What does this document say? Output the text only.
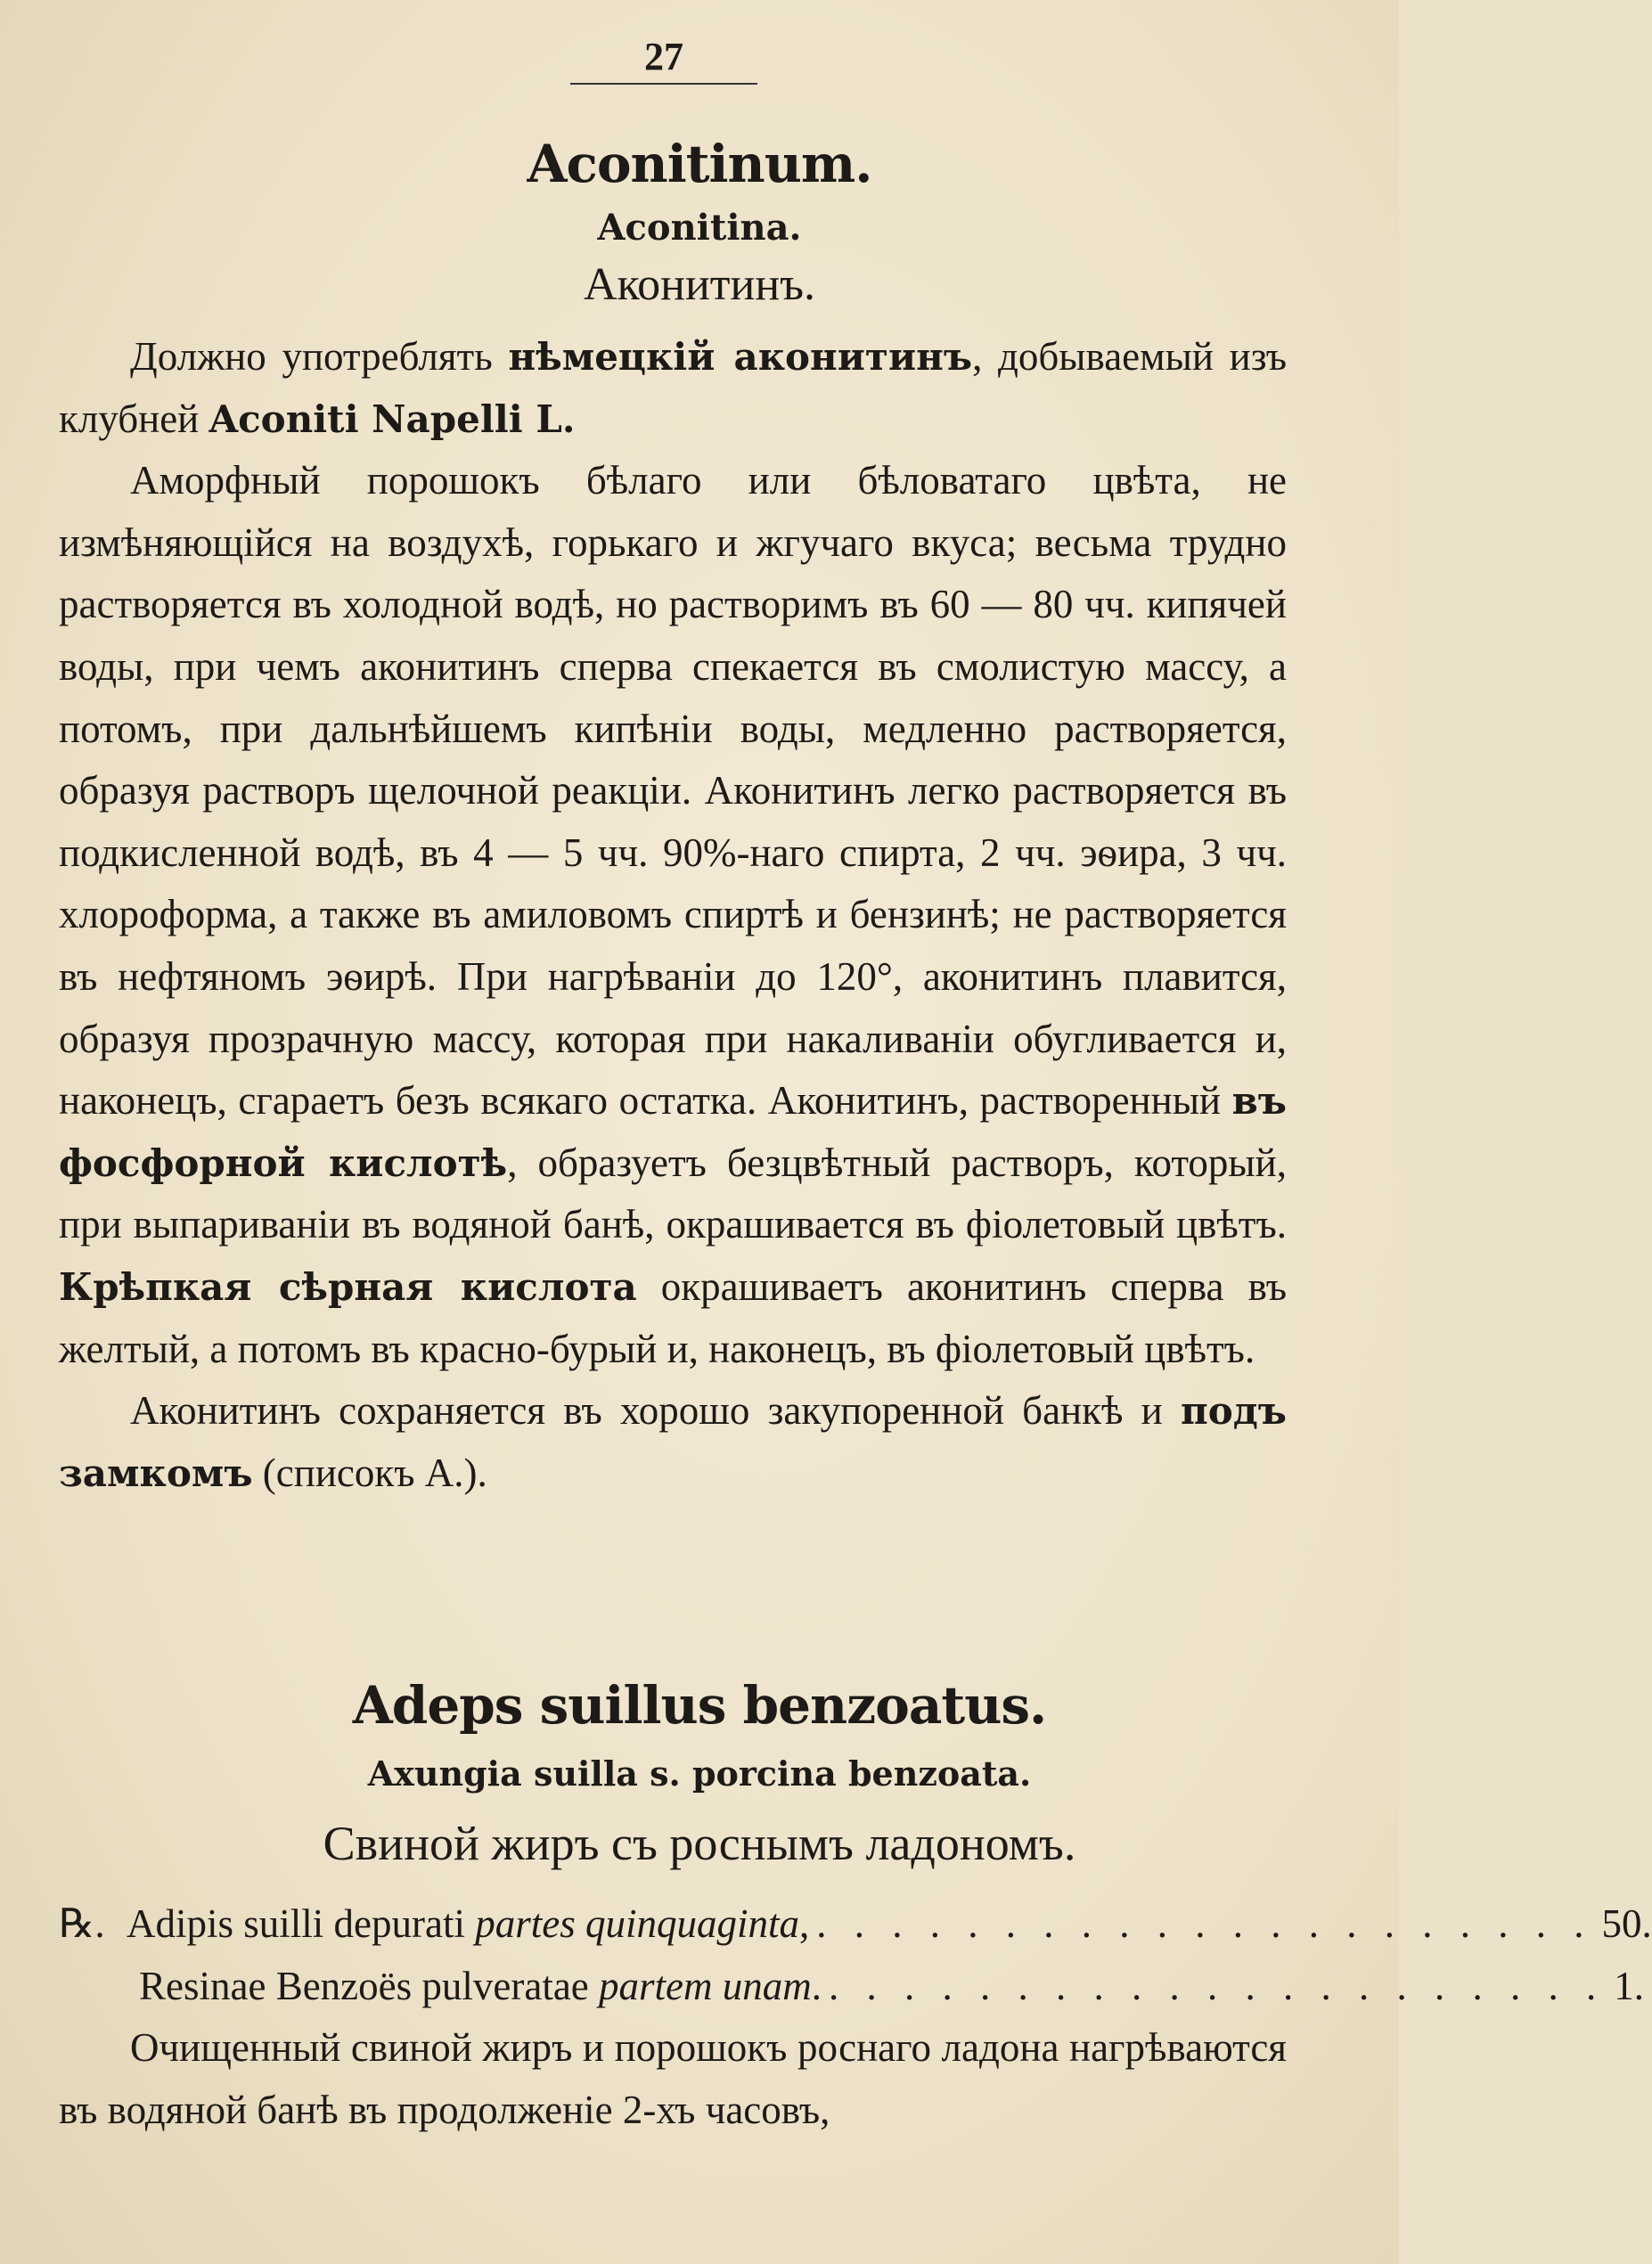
27
Aconitinum.
Aconitina.
Аконитинъ.

Должно употреблять нѣмецкій аконитинъ, добываемый изъ клубней Aconiti Napelli L.

Аморфный порошокъ бѣлаго или бѣловатаго цвѣта, не измѣняющійся на воздухѣ, горькаго и жгучаго вкуса; весьма трудно растворяется въ холодной водѣ, но растворимъ въ 60 — 80 чч. кипячей воды, при чемъ аконитинъ сперва спекается въ смолистую массу, а потомъ, при дальнѣйшемъ кипѣніи воды, медленно растворяется, образуя растворъ щелочной реакціи. Аконитинъ легко растворяется въ подкисленной водѣ, въ 4 — 5 чч. 90%-наго спирта, 2 чч. эѳира, 3 чч. хлороформа, а также въ амиловомъ спиртѣ и бензинѣ; не растворяется въ нефтяномъ эѳирѣ. При нагрѣваніи до 120°, аконитинъ плавится, образуя прозрачную массу, которая при накаливаніи обугливается и, наконецъ, сгараетъ безъ всякаго остатка. Аконитинъ, растворенный въ фосфорной кислотѣ, образуетъ безцвѣтный растворъ, который, при выпариваніи въ водяной банѣ, окрашивается въ фіолетовый цвѣтъ. Крѣпкая сѣрная кислота окрашиваетъ аконитинъ сперва въ желтый, а потомъ въ красно-бурый и, наконецъ, въ фіолетовый цвѣтъ.

Аконитинъ сохраняется въ хорошо закупоренной банкѣ и подъ замкомъ (списокъ А.).

Adeps suillus benzoatus.
Axungia suilla s. porcina benzoata.
Свиной жиръ съ роснымъ ладономъ.
℞. Adipis suilli depurati partes quinquaginta, . . . . . . . . . . . . . . . . . . . . . 50.
Resinae Benzoës pulveratae partem unam. . . . . . . . . . . . . . . . . . . . . . 1.

Очищенный свиной жиръ и порошокъ роснаго ладона нагрѣваются въ водяной банѣ въ продолженіе 2-хъ часовъ,
